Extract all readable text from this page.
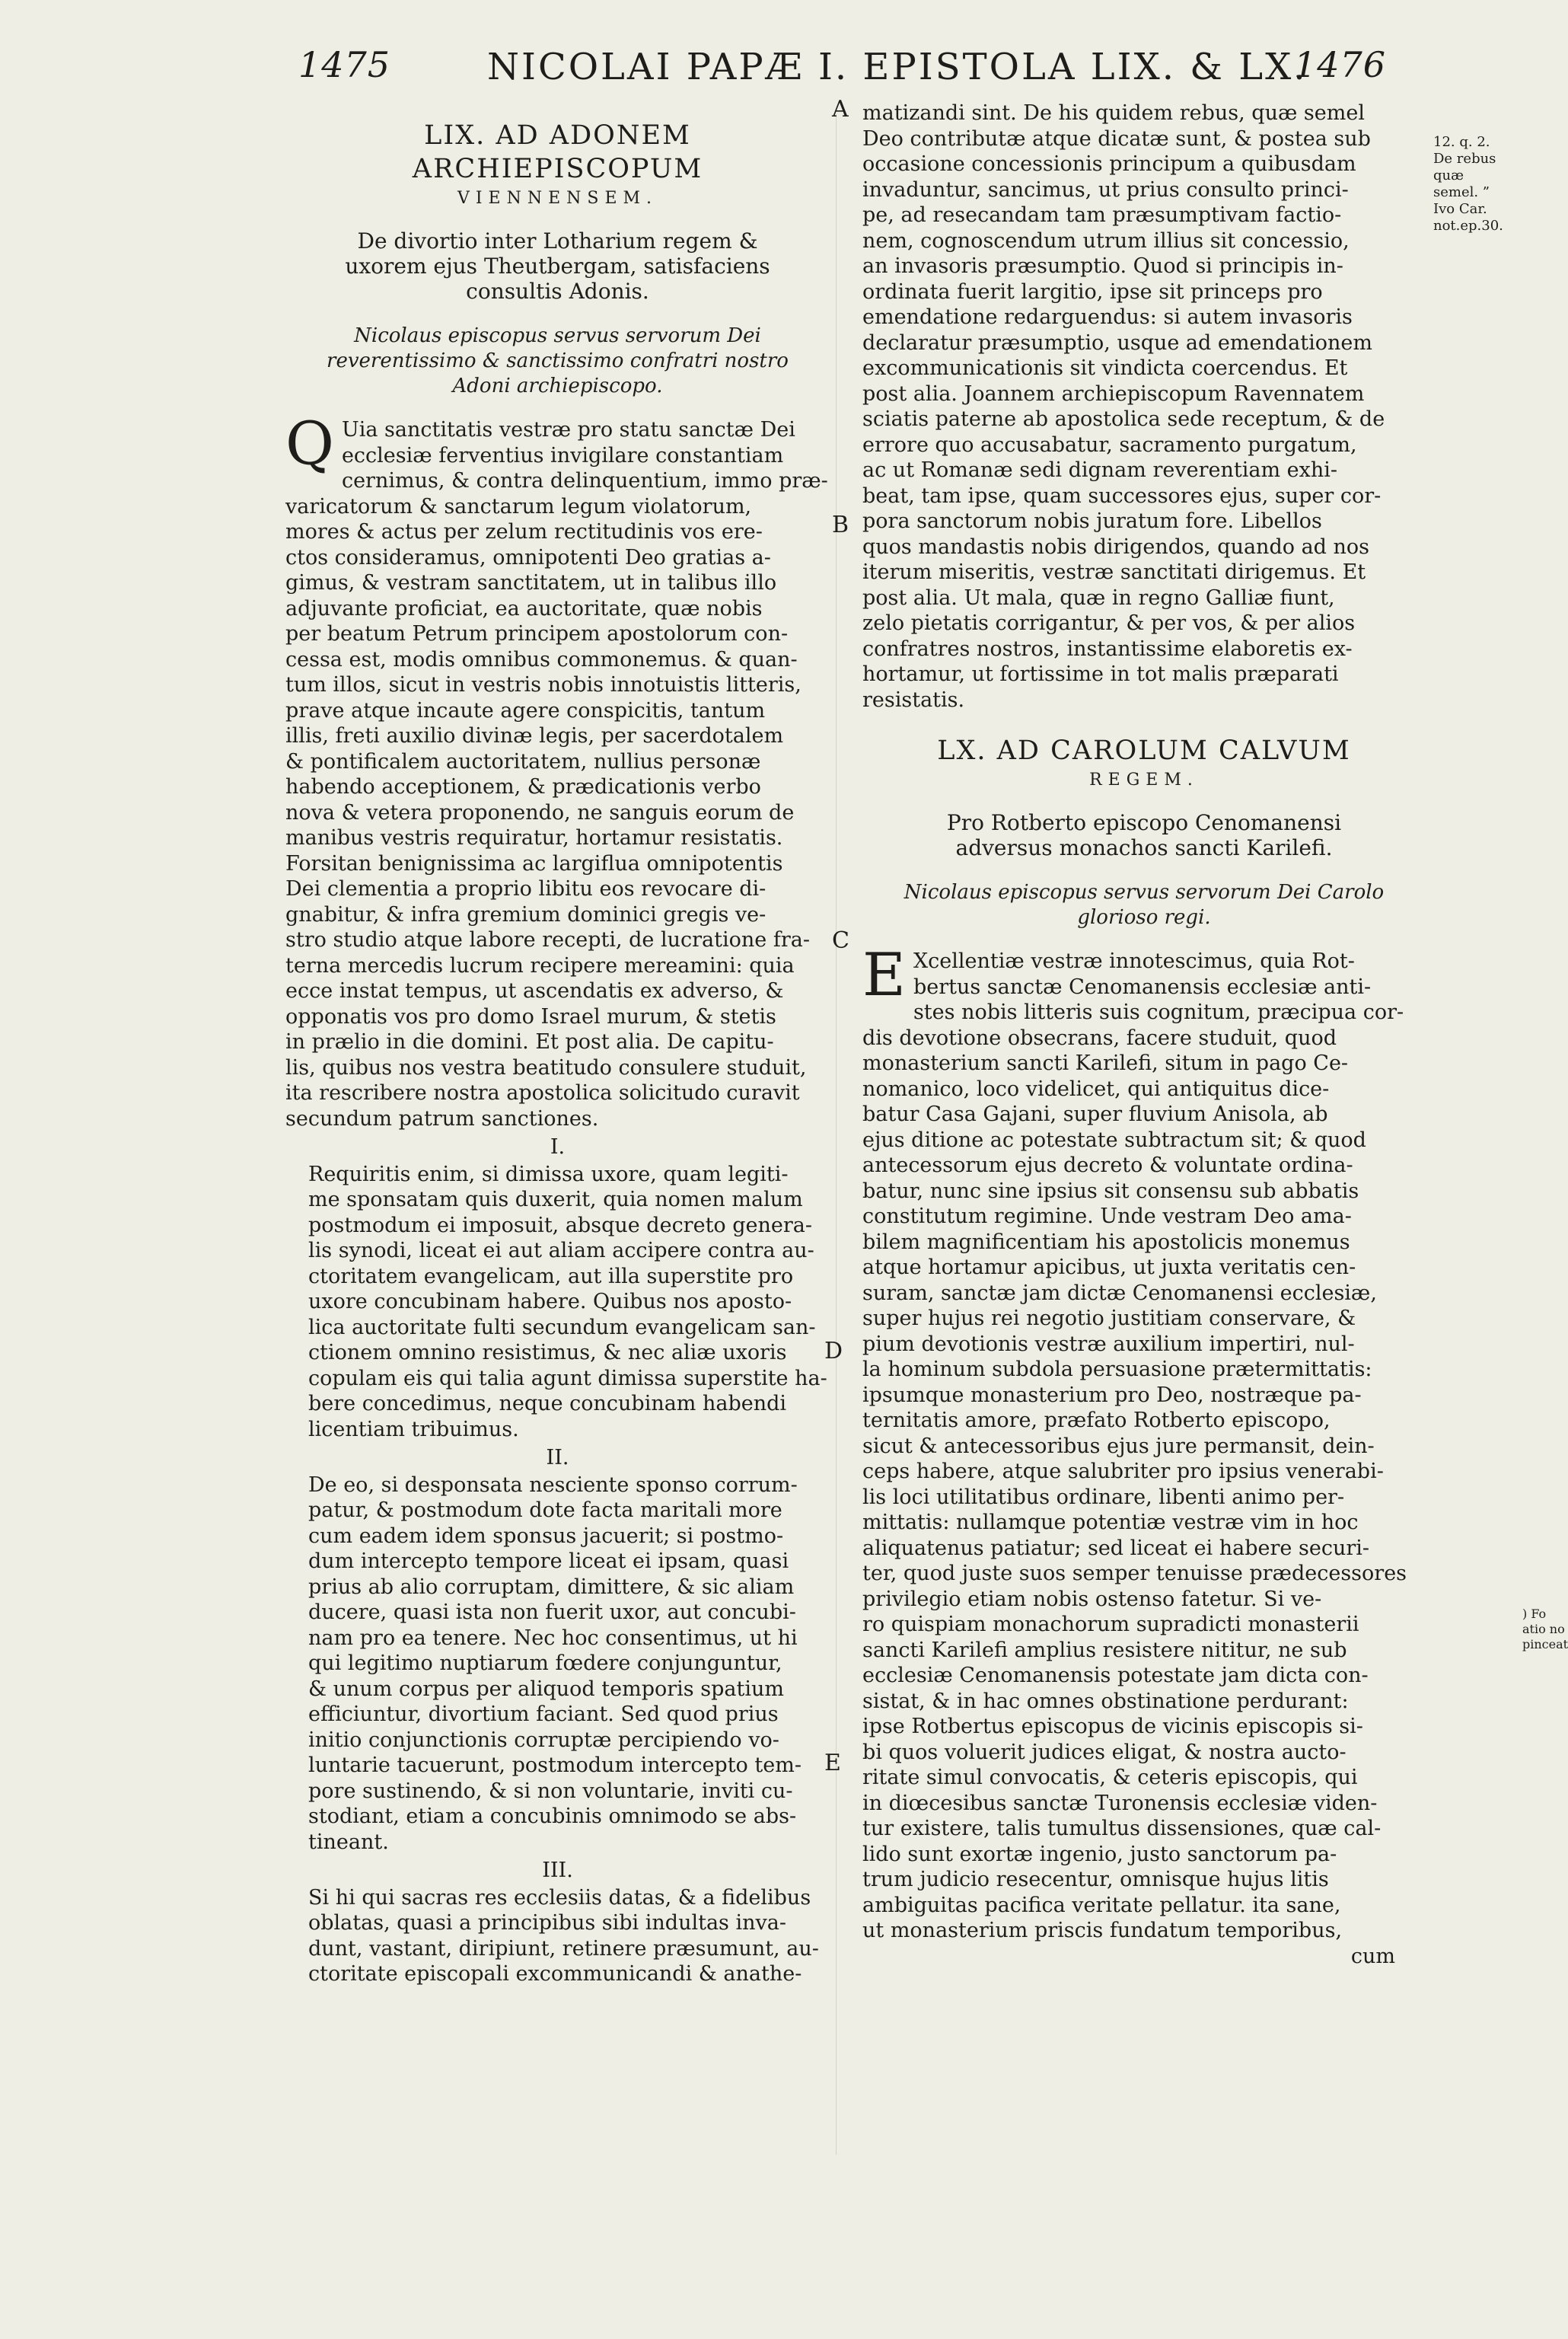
1475	NICOLAI PAPÆ I. EPISTOLA LIX. & LX.
1476
A
B
C
D
E
12. q. 2. De rebus quæ semel. ” Ivo Car. not.ep.30.
) Fo
atio no
pinceat
LIX. AD ADONEM ARCHIEPISCOPUM
VIENNENSEM.
De divortio inter Lotharium regem & uxorem ejus Theutbergam, satisfaciens consultis Adonis.
Nicolaus episcopus servus servorum Dei reverentissimo & sanctissimo confratri nostro Adoni archiepiscopo.
Q Uia sanctitatis vestræ pro statu sanctæ Dei
ecclesiæ ferventius invigilare constantiam
cernimus, & contra delinquentium, immo præ-
varicatorum & sanctarum legum violatorum,
mores & actus per zelum rectitudinis vos ere-
ctos consideramus, omnipotenti Deo gratias a-
gimus, & vestram sanctitatem, ut in talibus illo
adjuvante proficiat, ea auctoritate, quæ nobis
per beatum Petrum principem apostolorum con-
cessa est, modis omnibus commonemus. & quan-
tum illos, sicut in vestris nobis innotuistis litteris,
prave atque incaute agere conspicitis, tantum
illis, freti auxilio divinæ legis, per sacerdotalem
& pontificalem auctoritatem, nullius personæ
habendo acceptionem, & prædicationis verbo
nova & vetera proponendo, ne sanguis eorum de
manibus vestris requiratur, hortamur resistatis.
Forsitan benignissima ac largiflua omnipotentis
Dei clementia a proprio libitu eos revocare di-
gnabitur, & infra gremium dominici gregis ve-
stro studio atque labore recepti, de lucratione fra-
terna mercedis lucrum recipere mereamini: quia
ecce instat tempus, ut ascendatis ex adverso, &
opponatis vos pro domo Israel murum, & stetis
in prælio in die domini. Et post alia. De capitu-
lis, quibus nos vestra beatitudo consulere studuit,
ita rescribere nostra apostolica solicitudo curavit
secundum patrum sanctiones.
I.
Requiritis enim, si dimissa uxore, quam legiti-
me sponsatam quis duxerit, quia nomen malum
postmodum ei imposuit, absque decreto genera-
lis synodi, liceat ei aut aliam accipere contra au-
ctoritatem evangelicam, aut illa superstite pro
uxore concubinam habere. Quibus nos aposto-
lica auctoritate fulti secundum evangelicam san-
ctionem omnino resistimus, & nec aliæ uxoris
copulam eis qui talia agunt dimissa superstite ha-
bere concedimus, neque concubinam habendi
licentiam tribuimus.
II.
De eo, si desponsata nesciente sponso corrum-
patur, & postmodum dote facta maritali more
cum eadem idem sponsus jacuerit; si postmo-
dum intercepto tempore liceat ei ipsam, quasi
prius ab alio corruptam, dimittere, & sic aliam
ducere, quasi ista non fuerit uxor, aut concubi-
nam pro ea tenere. Nec hoc consentimus, ut hi
qui legitimo nuptiarum fœdere conjunguntur,
& unum corpus per aliquod temporis spatium
efficiuntur, divortium faciant. Sed quod prius
initio conjunctionis corruptæ percipiendo vo-
luntarie tacuerunt, postmodum intercepto tem-
pore sustinendo, & si non voluntarie, inviti cu-
stodiant, etiam a concubinis omnimodo se abs-
tineant.
III.
Si hi qui sacras res ecclesiis datas, & a fidelibus
oblatas, quasi a principibus sibi indultas inva-
dunt, vastant, diripiunt, retinere præsumunt, au-
ctoritate episcopali excommunicandi & anathe-
matizandi sint. De his quidem rebus, quæ semel
Deo contributæ atque dicatæ sunt, & postea sub
occasione concessionis principum a quibusdam
invaduntur, sancimus, ut prius consulto princi-
pe, ad resecandam tam præsumptivam factio-
nem, cognoscendum utrum illius sit concessio,
an invasoris præsumptio. Quod si principis in-
ordinata fuerit largitio, ipse sit princeps pro
emendatione redarguendus: si autem invasoris
declaratur præsumptio, usque ad emendationem
excommunicationis sit vindicta coercendus. Et
post alia. Joannem archiepiscopum Ravennatem
sciatis paterne ab apostolica sede receptum, & de
errore quo accusabatur, sacramento purgatum,
ac ut Romanæ sedi dignam reverentiam exhi-
beat, tam ipse, quam successores ejus, super cor-
pora sanctorum nobis juratum fore. Libellos
quos mandastis nobis dirigendos, quando ad nos
iterum miseritis, vestræ sanctitati dirigemus. Et
post alia. Ut mala, quæ in regno Galliæ fiunt,
zelo pietatis corrigantur, & per vos, & per alios
confratres nostros, instantissime elaboretis ex-
hortamur, ut fortissime in tot malis præparati
resistatis.
LX. AD CAROLUM CALVUM
REGEM.
Pro Rotberto episcopo Cenomanensi adversus monachos sancti Karilefi.
Nicolaus episcopus servus servorum Dei Carolo glorioso regi.
E Xcellentiæ vestræ innotescimus, quia Rot-
bertus sanctæ Cenomanensis ecclesiæ anti-
stes nobis litteris suis cognitum, præcipua cor-
dis devotione obsecrans, facere studuit, quod
monasterium sancti Karilefi, situm in pago Ce-
nomanico, loco videlicet, qui antiquitus dice-
batur Casa Gajani, super fluvium Anisola, ab
ejus ditione ac potestate subtractum sit; & quod
antecessorum ejus decreto & voluntate ordina-
batur, nunc sine ipsius sit consensu sub abbatis
constitutum regimine. Unde vestram Deo ama-
bilem magnificentiam his apostolicis monemus
atque hortamur apicibus, ut juxta veritatis cen-
suram, sanctæ jam dictæ Cenomanensi ecclesiæ,
super hujus rei negotio justitiam conservare, &
pium devotionis vestræ auxilium impertiri, nul-
la hominum subdola persuasione prætermittatis:
ipsumque monasterium pro Deo, nostræque pa-
ternitatis amore, præfato Rotberto episcopo,
sicut & antecessoribus ejus jure permansit, dein-
ceps habere, atque salubriter pro ipsius venerabi-
lis loci utilitatibus ordinare, libenti animo per-
mittatis: nullamque potentiæ vestræ vim in hoc
aliquatenus patiatur; sed liceat ei habere securi-
ter, quod juste suos semper tenuisse prædecessores
privilegio etiam nobis ostenso fatetur. Si ve-
ro quispiam monachorum supradicti monasterii
sancti Karilefi amplius resistere nititur, ne sub
ecclesiæ Cenomanensis potestate jam dicta con-
sistat, & in hac omnes obstinatione perdurant:
ipse Rotbertus episcopus de vicinis episcopis si-
bi quos voluerit judices eligat, & nostra aucto-
ritate simul convocatis, & ceteris episcopis, qui
in diœcesibus sanctæ Turonensis ecclesiæ viden-
tur existere, talis tumultus dissensiones, quæ cal-
lido sunt exortæ ingenio, justo sanctorum pa-
trum judicio resecentur, omnisque hujus litis
ambiguitas pacifica veritate pellatur. ita sane,
ut monasterium priscis fundatum temporibus,
cum
